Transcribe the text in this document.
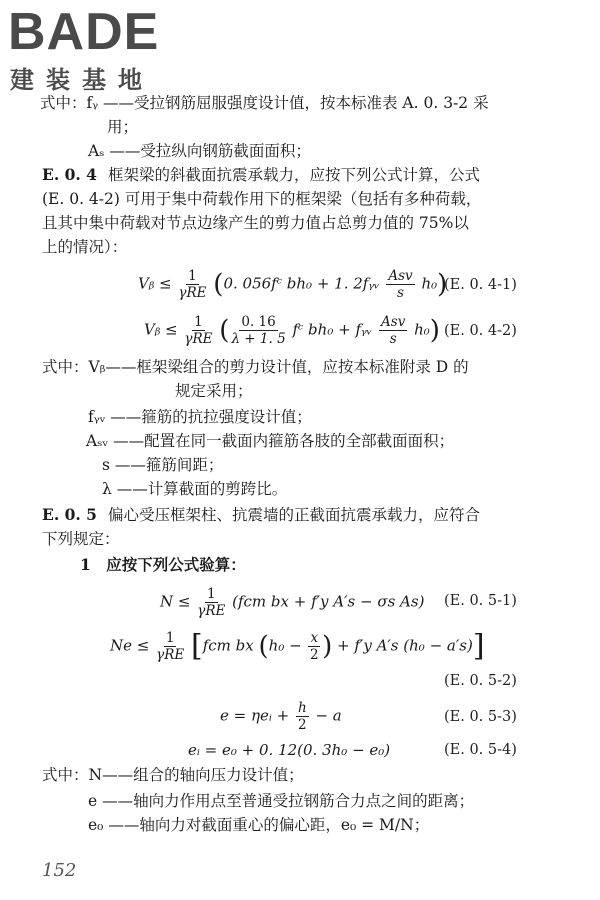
BADE
建装基地
式中：fᵧ ——受拉钢筋屈服强度设计值，按本标准表 A. 0. 3-2 采
用；
Aₛ ——受拉纵向钢筋截面面积；
E. 0. 4 框架梁的斜截面抗震承载力，应按下列公式计算，公式
(E. 0. 4-2) 可用于集中荷载作用下的框架梁（包括有多种荷载，
且其中集中荷载对节点边缘产生的剪力值占总剪力值的 75%以
上的情况）：
Vᵦ ≤ $\frac{1}{\text{γRE}} (0$. 056fᶜ bh₀ + 1. 2fᵧᵥ $\frac{\text{Asv}}{s} h_0$)
(E. 0. 4-1)
Vᵦ ≤ $\frac{1}{\text{γRE}}$ ( $\frac{0. 16}{\lambda + 1. 5}$ fᶜ bh₀ + fᵧᵥ $\frac{\text{Asv}}{s} h_0$) (E. 0. 4-2)
式中：Vᵦ——框架梁组合的剪力设计值，应按本标准附录 D 的
规定采用；
fᵧᵥ ——箍筋的抗拉强度设计值；
Aₛᵥ ——配置在同一截面内箍筋各肢的全部截面面积；
s ——箍筋间距；
λ ——计算截面的剪跨比。
E. 0. 5 偏心受压框架柱、抗震墙的正截面抗震承载力，应符合
下列规定：
1　应按下列公式验算：
$N \le \frac{1}{\text{γRE}} (fcm$ bx + f′y A′s − σs As) (E. 0. 5-1)
$Ne \le \frac{1}{\text{γRE}} [fcm$ bx ($h_0 - \frac{x}{2}$ ) + f′y A′s (h₀ − a′s)]
(E. 0. 5-2)
e = ηeᵢ + $\frac{h}{2} - a$	(E. 0. 5-3)
eᵢ = e₀ + 0. 12(0. 3h₀ − e₀)	(E. 0. 5-4)
式中：N——组合的轴向压力设计值；
e ——轴向力作用点至普通受拉钢筋合力点之间的距离；
e₀ ——轴向力对截面重心的偏心距，e₀ = M/N；
152
